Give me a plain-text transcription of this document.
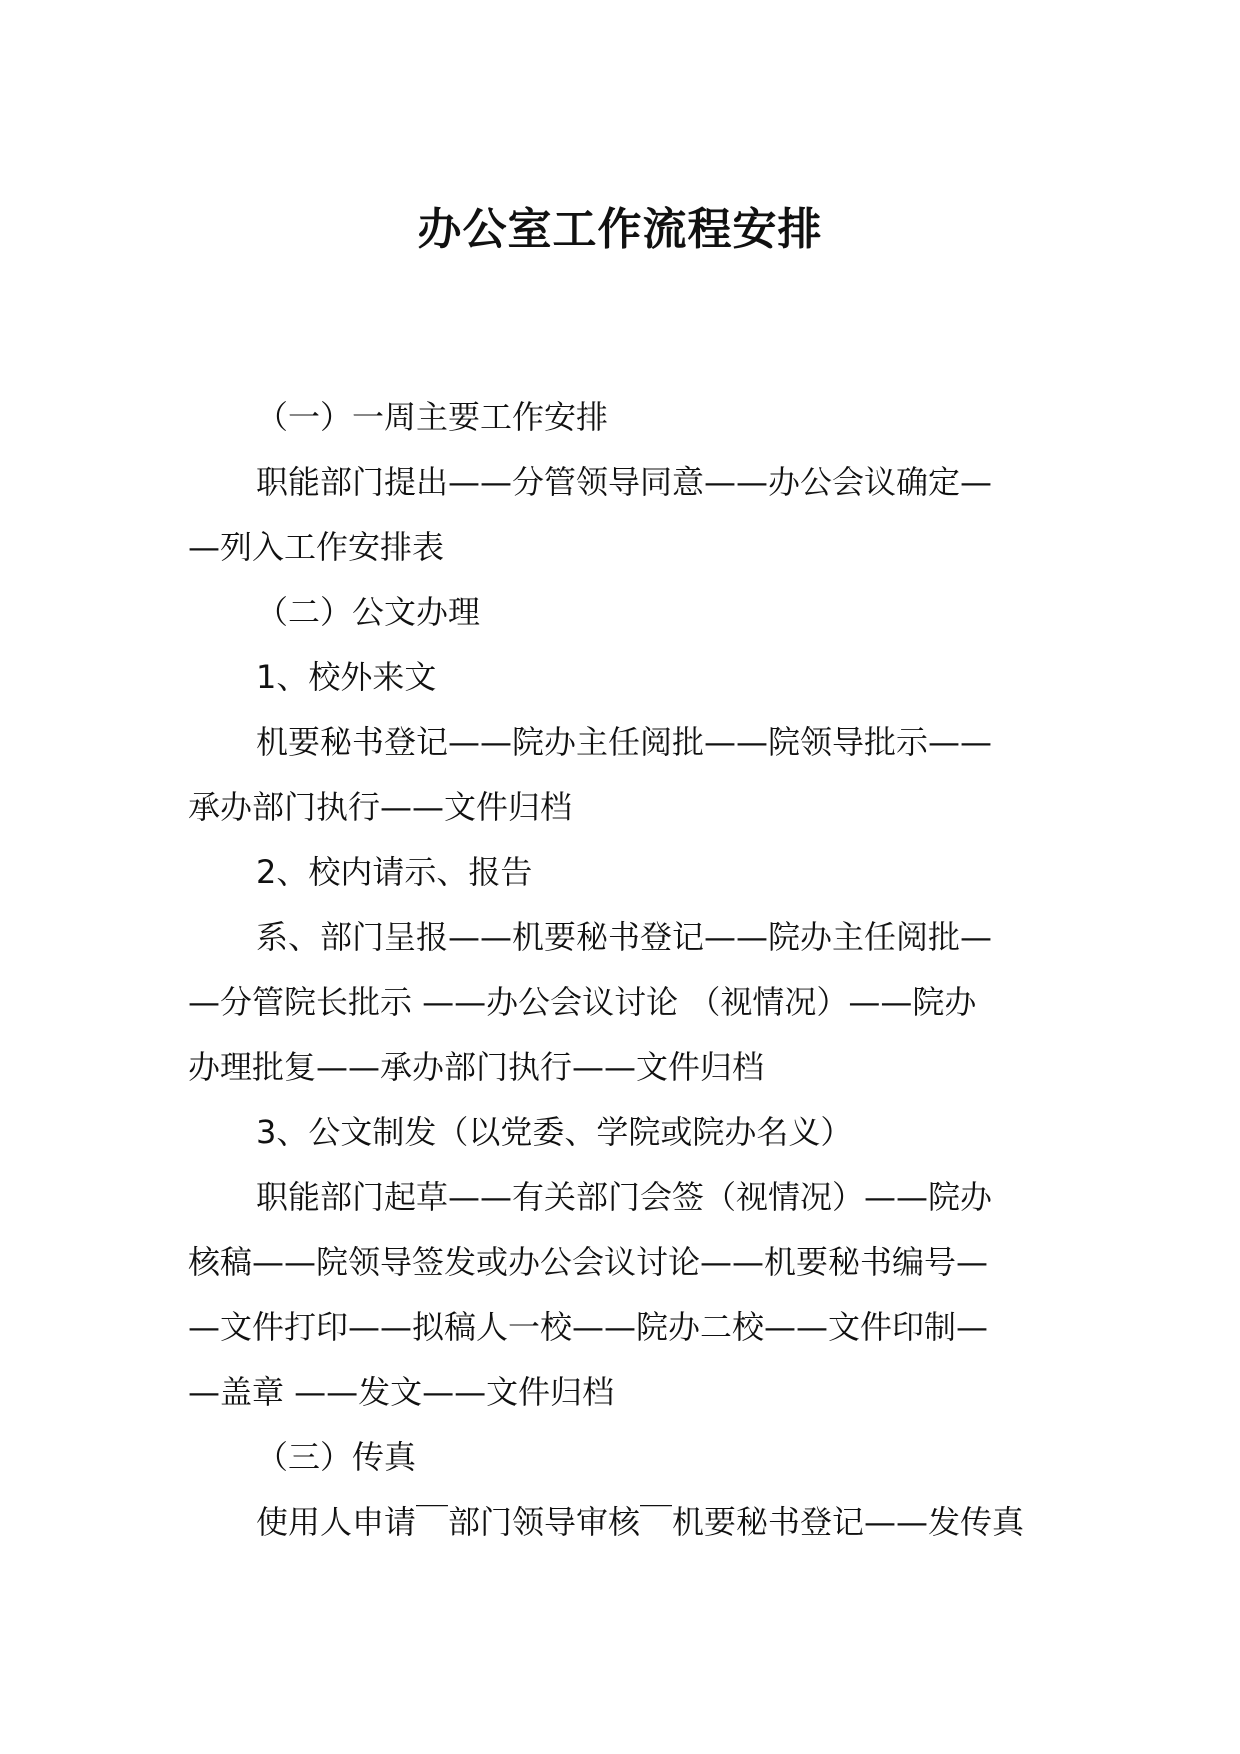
办公室工作流程安排
（一）一周主要工作安排
职能部门提出——分管领导同意——办公会议确定—
—列入工作安排表
（二）公文办理
1、校外来文
机要秘书登记——院办主任阅批——院领导批示——
承办部门执行——文件归档
2、校内请示、报告
系、部门呈报——机要秘书登记——院办主任阅批—
—分管院长批示 ——办公会议讨论 （视情况）——院办
办理批复——承办部门执行——文件归档
3、公文制发（以党委、学院或院办名义）
职能部门起草——有关部门会签（视情况）——院办
核稿——院领导签发或办公会议讨论——机要秘书编号—
—文件打印——拟稿人一校——院办二校——文件印制—
—盖章 ——发文——文件归档
（三）传真
使用人申请￣部门领导审核￣机要秘书登记——发传真
